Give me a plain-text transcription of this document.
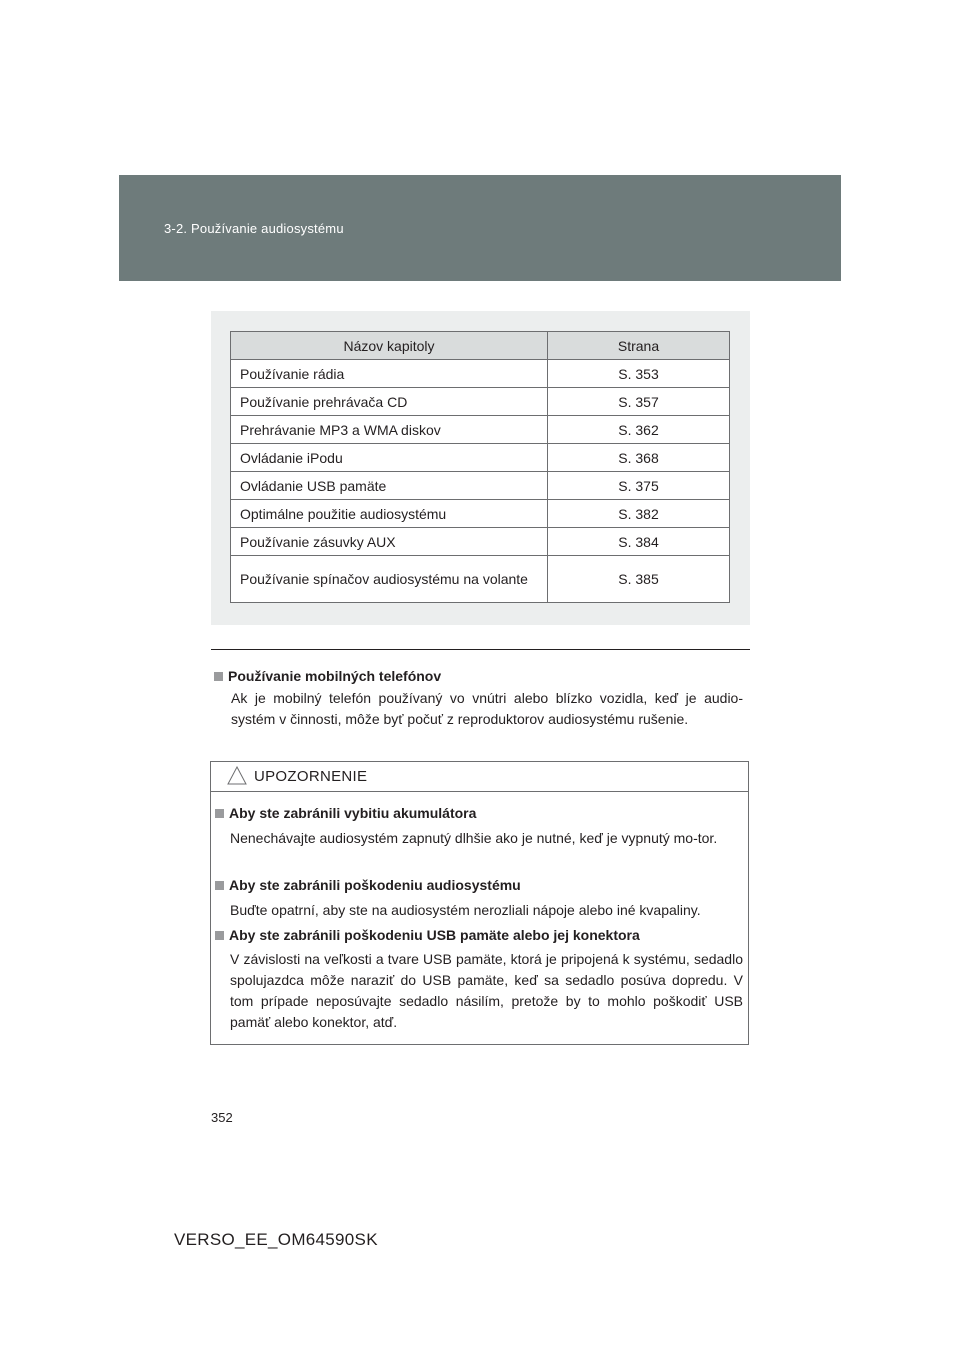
3-2. Používanie audiosystému
Názov kapitoly	Strana
Používanie rádia	S. 353
Používanie prehrávača CD	S. 357
Prehrávanie MP3 a WMA diskov	S. 362
Ovládanie iPodu	S. 368
Ovládanie USB pamäte	S. 375
Optimálne použitie audiosystému	S. 382
Používanie zásuvky AUX	S. 384
Používanie spínačov audiosystému na volante	S. 385
Používanie mobilných telefónov
Ak je mobilný telefón používaný vo vnútri alebo blízko vozidla, keď je audio-systém v činnosti, môže byť počuť z reproduktorov audiosystému rušenie.
UPOZORNENIE
Aby ste zabránili vybitiu akumulátora
Nenechávajte audiosystém zapnutý dlhšie ako je nutné, keď je vypnutý mo-tor.
Aby ste zabránili poškodeniu audiosystému
Buďte opatrní, aby ste na audiosystém nerozliali nápoje alebo iné kvapaliny.
Aby ste zabránili poškodeniu USB pamäte alebo jej konektora
V závislosti na veľkosti a tvare USB pamäte, ktorá je pripojená k systému, sedadlo spolujazdca môže naraziť do USB pamäte, keď sa sedadlo posúva dopredu. V tom prípade neposúvajte sedadlo násilím, pretože by to mohlo poškodiť USB pamäť alebo konektor, atď.
352
VERSO_EE_OM64590SK
